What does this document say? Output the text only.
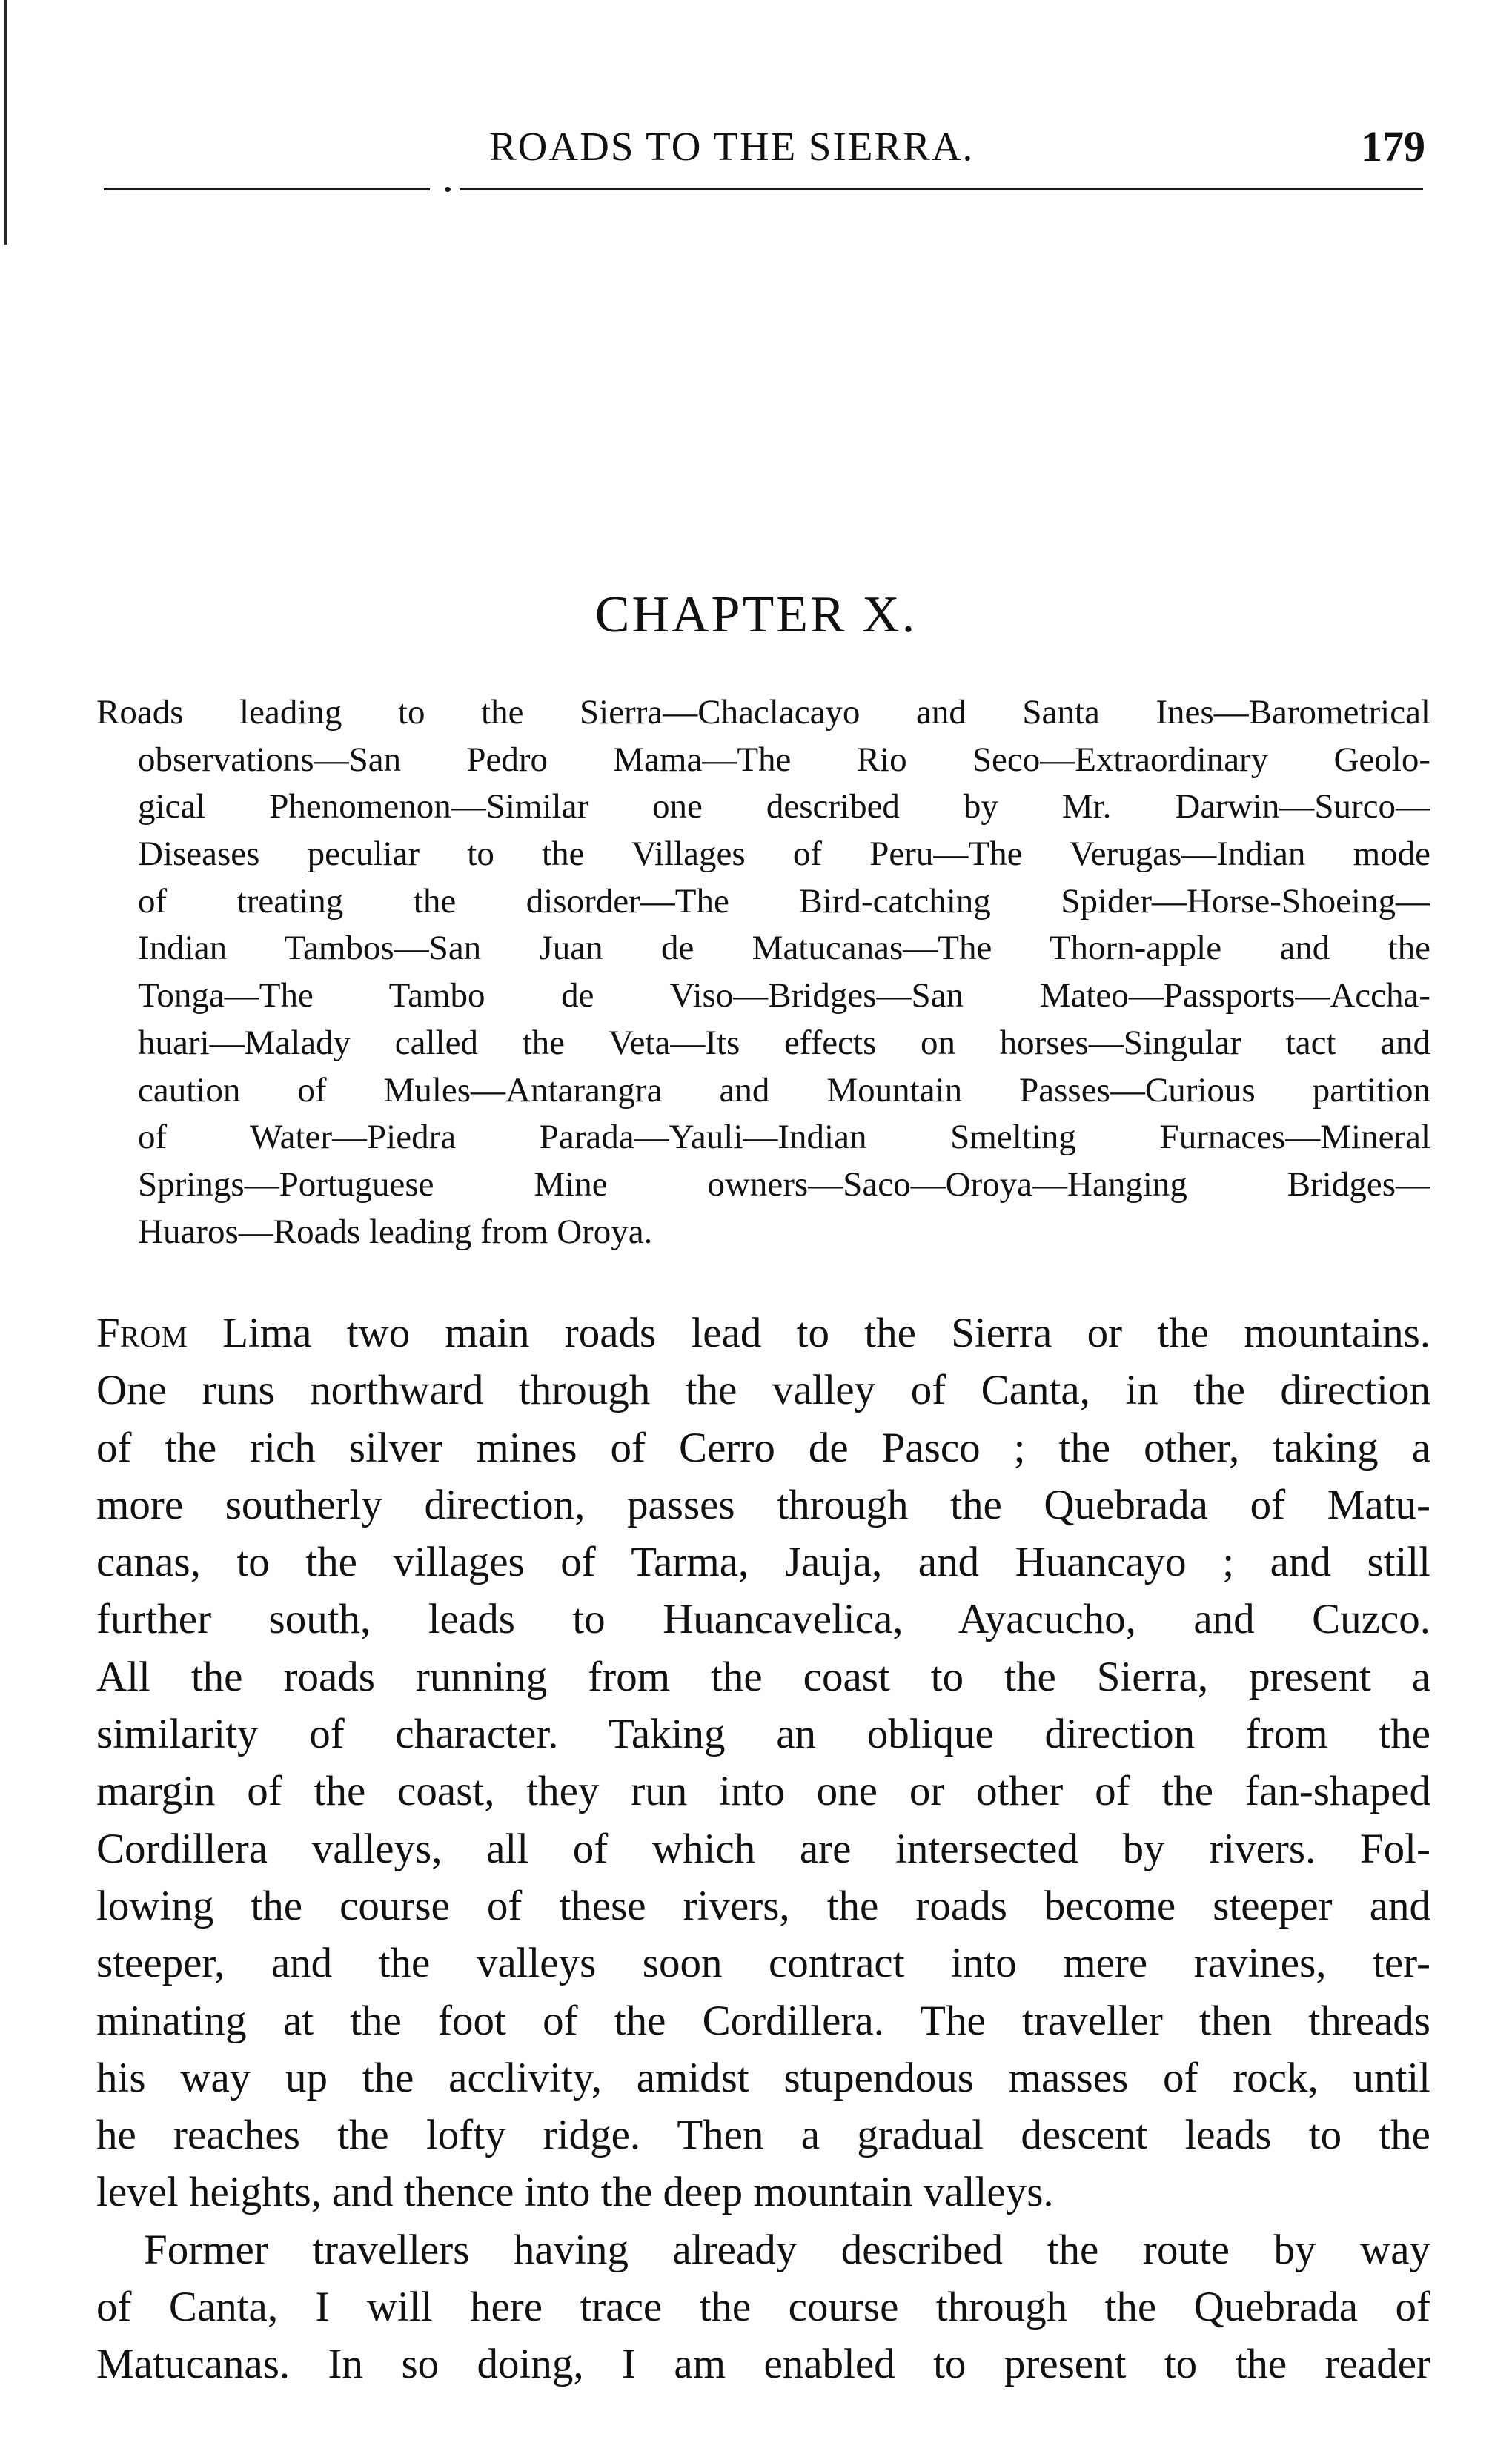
ROADS TO THE SIERRA.	179
CHAPTER X.
Roads leading to the Sierra—Chaclacayo and Santa Ines—Barometrical
observations—San Pedro Mama—The Rio Seco—Extraordinary Geolo-
gical Phenomenon—Similar one described by Mr. Darwin—Surco—
Diseases peculiar to the Villages of Peru—The Verugas—Indian mode
of treating the disorder—The Bird-catching Spider—Horse-Shoeing—
Indian Tambos—San Juan de Matucanas—The Thorn-apple and the
Tonga—The Tambo de Viso—Bridges—San Mateo—Passports—Accha-
huari—Malady called the Veta—Its effects on horses—Singular tact and
caution of Mules—Antarangra and Mountain Passes—Curious partition
of Water—Piedra Parada—Yauli—Indian Smelting Furnaces—Mineral
Springs—Portuguese Mine owners—Saco—Oroya—Hanging Bridges—
Huaros—Roads leading from Oroya.
From Lima two main roads lead to the Sierra or the mountains.
One runs northward through the valley of Canta, in the direction
of the rich silver mines of Cerro de Pasco ; the other, taking a
more southerly direction, passes through the Quebrada of Matu-
canas, to the villages of Tarma, Jauja, and Huancayo ; and still
further south, leads to Huancavelica, Ayacucho, and Cuzco.
All the roads running from the coast to the Sierra, present a
similarity of character. Taking an oblique direction from the
margin of the coast, they run into one or other of the fan-shaped
Cordillera valleys, all of which are intersected by rivers. Fol-
lowing the course of these rivers, the roads become steeper and
steeper, and the valleys soon contract into mere ravines, ter-
minating at the foot of the Cordillera. The traveller then threads
his way up the acclivity, amidst stupendous masses of rock, until
he reaches the lofty ridge. Then a gradual descent leads to the
level heights, and thence into the deep mountain valleys.
Former travellers having already described the route by way
of Canta, I will here trace the course through the Quebrada of
Matucanas. In so doing, I am enabled to present to the reader
